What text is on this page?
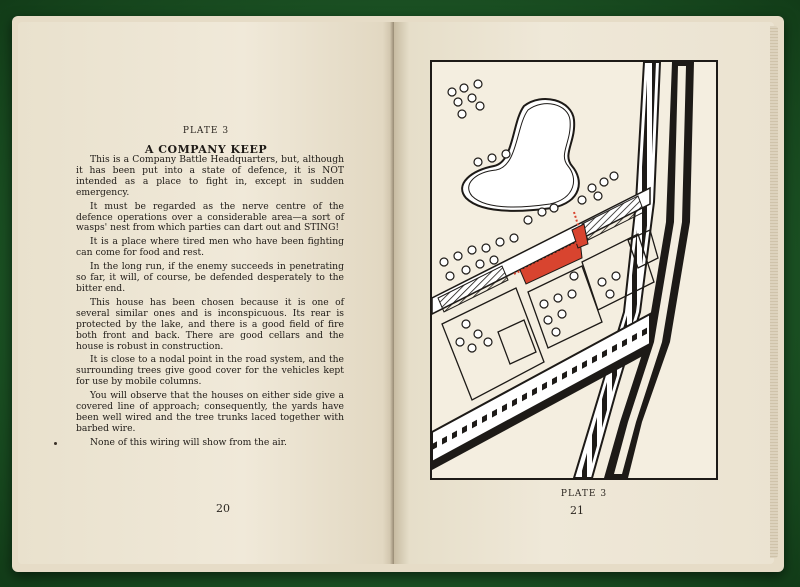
PLATE 3
A COMPANY KEEP

This is a Company Battle Headquarters, but, although it has been put into a state of defence, it is NOT intended as a place to fight in, except in sudden emergency.

It must be regarded as the nerve centre of the defence operations over a considerable area—a sort of wasps' nest from which parties can dart out and STING!

It is a place where tired men who have been fighting can come for food and rest.

In the long run, if the enemy succeeds in penetrating so far, it will, of course, be defended desperately to the bitter end.

This house has been chosen because it is one of several similar ones and is inconspicuous. Its rear is protected by the lake, and there is a good field of fire both front and back. There are good cellars and the house is robust in construction.

It is close to a nodal point in the road system, and the surrounding trees give good cover for the vehicles kept for use by mobile columns.

You will observe that the houses on either side give a covered line of approach; consequently, the yards have been well wired and the tree trunks laced together with barbed wire.

None of this wiring will show from the air.

20
PLATE 3
21
